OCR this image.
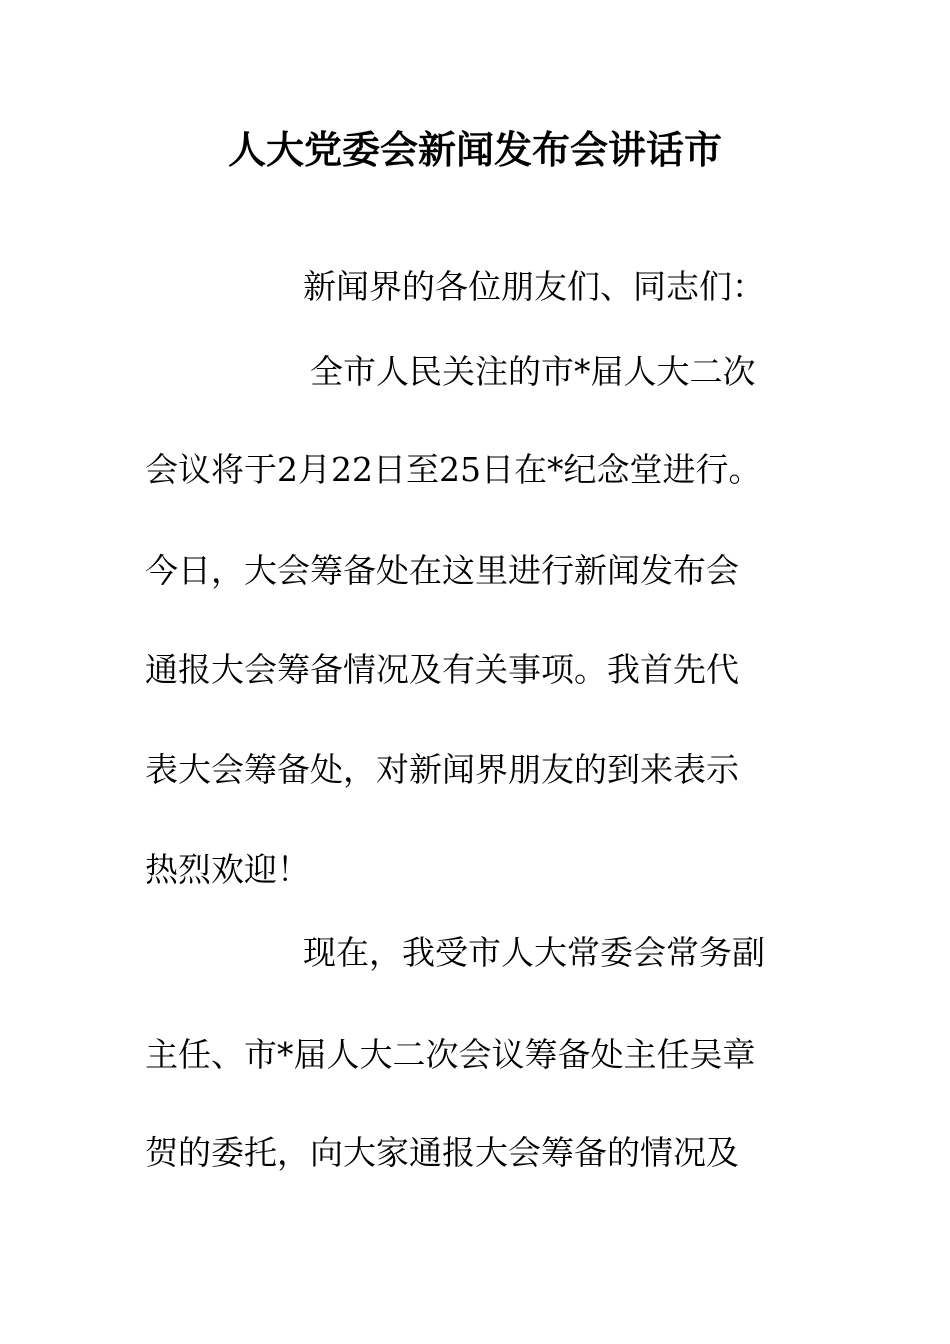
人大党委会新闻发布会讲话市
新闻界的各位朋友们、同志们：
全市人民关注的市*届人大二次
会议将于2月22日至25日在*纪念堂进行。
今日，大会筹备处在这里进行新闻发布会
通报大会筹备情况及有关事项。我首先代
表大会筹备处，对新闻界朋友的到来表示
热烈欢迎！
现在，我受市人大常委会常务副
主任、市*届人大二次会议筹备处主任吴章
贺的委托，向大家通报大会筹备的情况及
